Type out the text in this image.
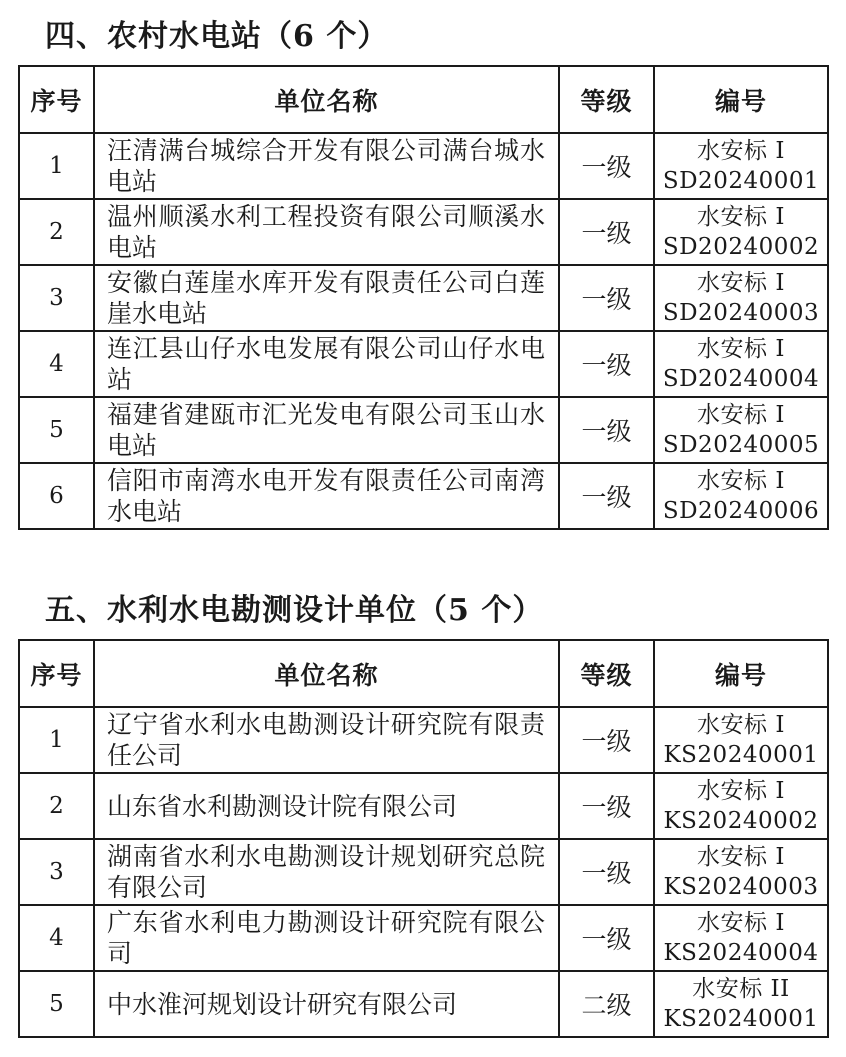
四、农村水电站（6 个）
序号	单位名称	等级	编号
1	汪清满台城综合开发有限公司满台城水电站	一级	水安标 I
SD20240001

2	温州顺溪水利工程投资有限公司顺溪水电站	一级	水安标 I
SD20240002

3	安徽白莲崖水库开发有限责任公司白莲崖水电站	一级	水安标 I
SD20240003

4	连江县山仔水电发展有限公司山仔水电站	一级	水安标 I
SD20240004

5	福建省建瓯市汇光发电有限公司玉山水电站	一级	水安标 I
SD20240005

6	信阳市南湾水电开发有限责任公司南湾水电站	一级	水安标 I
SD20240006
五、水利水电勘测设计单位（5 个）
序号	单位名称	等级	编号
1	辽宁省水利水电勘测设计研究院有限责任公司	一级	水安标 I
KS20240001

2	山东省水利勘测设计院有限公司	一级	水安标 I
KS20240002

3	湖南省水利水电勘测设计规划研究总院有限公司	一级	水安标 I
KS20240003

4	广东省水利电力勘测设计研究院有限公司	一级	水安标 I
KS20240004

5	中水淮河规划设计研究有限公司	二级	水安标 II
KS20240001
